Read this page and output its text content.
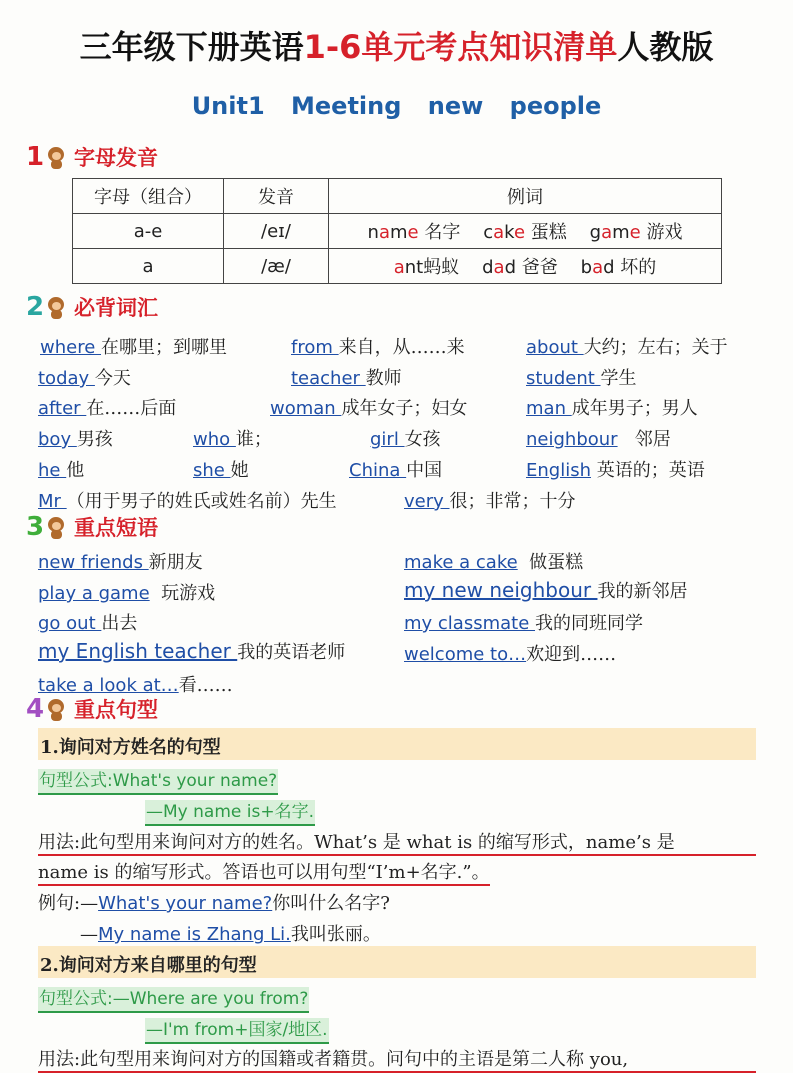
三年级下册英语1-6单元考点知识清单人教版
Unit1 Meeting new people
1 字母发音
字母（组合）	发音	例词
a-e	/eɪ/	name 名字 cake 蛋糕 game 游戏
a	/æ/	ant蚂蚁 dad 爸爸 bad 坏的
2 必背词汇
where 在哪里；到哪里	from 来自，从……来	about 大约；左右；关于
today 今天	teacher 教师	student 学生
after 在……后面	woman 成年女子；妇女	man 成年男子；男人
boy 男孩	who 谁；	girl 女孩	neighbour 邻居
he 他	she 她	China 中国	English 英语的；英语
Mr （用于男子的姓氏或姓名前）先生	very 很；非常；十分
3 重点短语
new friends 新朋友	make a cake 做蛋糕
play a game 玩游戏	my new neighbour 我的新邻居
go out 出去	my classmate 我的同班同学
my English teacher 我的英语老师	welcome to…欢迎到……
take a look at…看……
4 重点句型
1.询问对方姓名的句型
句型公式:What's your name?
—My name is+名字.
用法:此句型用来询问对方的姓名。What’s 是 what is 的缩写形式，name’s 是
name is 的缩写形式。答语也可以用句型“I’m+名字.”。
例句:—What's your name?你叫什么名字?
—My name is Zhang Li.我叫张丽。
2.询问对方来自哪里的句型
句型公式:—Where are you from?
—I'm from+国家/地区.
用法:此句型用来询问对方的国籍或者籍贯。问句中的主语是第二人称 you,
